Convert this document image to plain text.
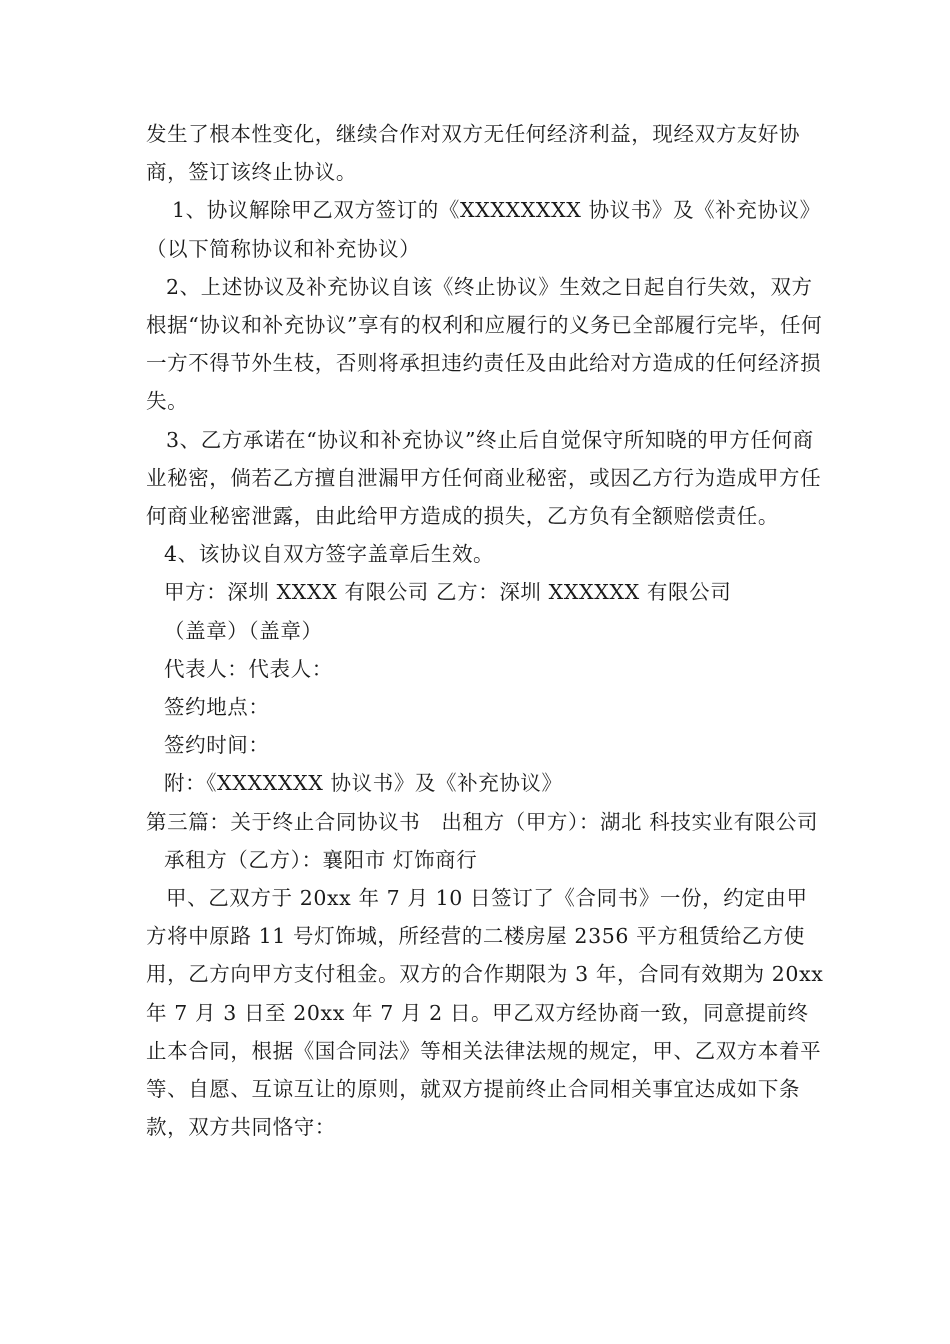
发生了根本性变化，继续合作对双方无任何经济利益，现经双方友好协商，签订该终止协议。

1、协议解除甲乙双方签订的《XXXXXXXX 协议书》及《补充协议》（以下简称协议和补充协议）

2、上述协议及补充协议自该《终止协议》生效之日起自行失效，双方根据“协议和补充协议”享有的权利和应履行的义务已全部履行完毕，任何一方不得节外生枝，否则将承担违约责任及由此给对方造成的任何经济损失。

3、乙方承诺在“协议和补充协议”终止后自觉保守所知晓的甲方任何商业秘密，倘若乙方擅自泄漏甲方任何商业秘密，或因乙方行为造成甲方任何商业秘密泄露，由此给甲方造成的损失，乙方负有全额赔偿责任。

4、该协议自双方签字盖章后生效。

甲方：深圳 XXXX 有限公司 乙方：深圳 XXXXXX 有限公司

（盖章）（盖章）

代表人：代表人：

签约地点：

签约时间：

附：《XXXXXXX 协议书》及《补充协议》

第三篇：关于终止合同协议书　出租方（甲方）：湖北 科技实业有限公司

承租方（乙方）：襄阳市 灯饰商行

甲、乙双方于 20xx 年 7 月 10 日签订了《合同书》一份，约定由甲方将中原路 11 号灯饰城，所经营的二楼房屋 2356 平方租赁给乙方使用，乙方向甲方支付租金。双方的合作期限为 3 年，合同有效期为 20xx 年 7 月 3 日至 20xx 年 7 月 2 日。甲乙双方经协商一致，同意提前终止本合同，根据《国合同法》等相关法律法规的规定，甲、乙双方本着平等、自愿、互谅互让的原则，就双方提前终止合同相关事宜达成如下条款，双方共同恪守：
